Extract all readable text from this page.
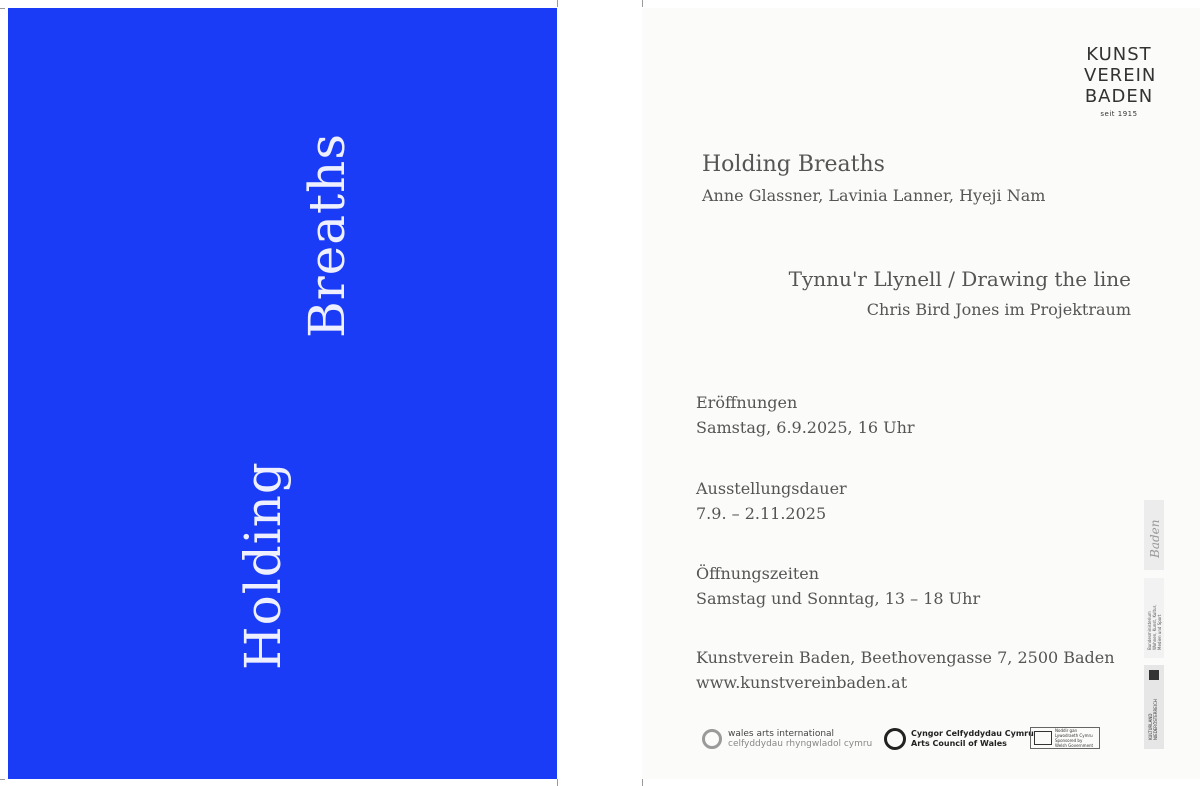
Holding
Breaths
KUNST
VEREIN
BADEN
seit 1915
Holding Breaths
Anne Glassner, Lavinia Lanner, Hyeji Nam
Tynnu'r Llynell / Drawing the line
Chris Bird Jones im Projektraum
Eröffnungen
Samstag, 6.9.2025, 16 Uhr
Ausstellungsdauer
7.9. – 2.11.2025
Öffnungszeiten
Samstag und Sonntag, 13 – 18 Uhr
Kunstverein Baden, Beethovengasse 7, 2500 Baden
www.kunstvereinbaden.at
wales arts international
celfyddydau rhyngwladol cymru
Cyngor Celfyddydau Cymru
Arts Council of Wales
Noddir gan
Lywodraeth Cymru
Sponsored by
Welsh Government
Baden
Bundesministerium Wohnen, Kunst, Kultur, Medien und Sport
KULTURLAND NIEDERÖSTERREICH
